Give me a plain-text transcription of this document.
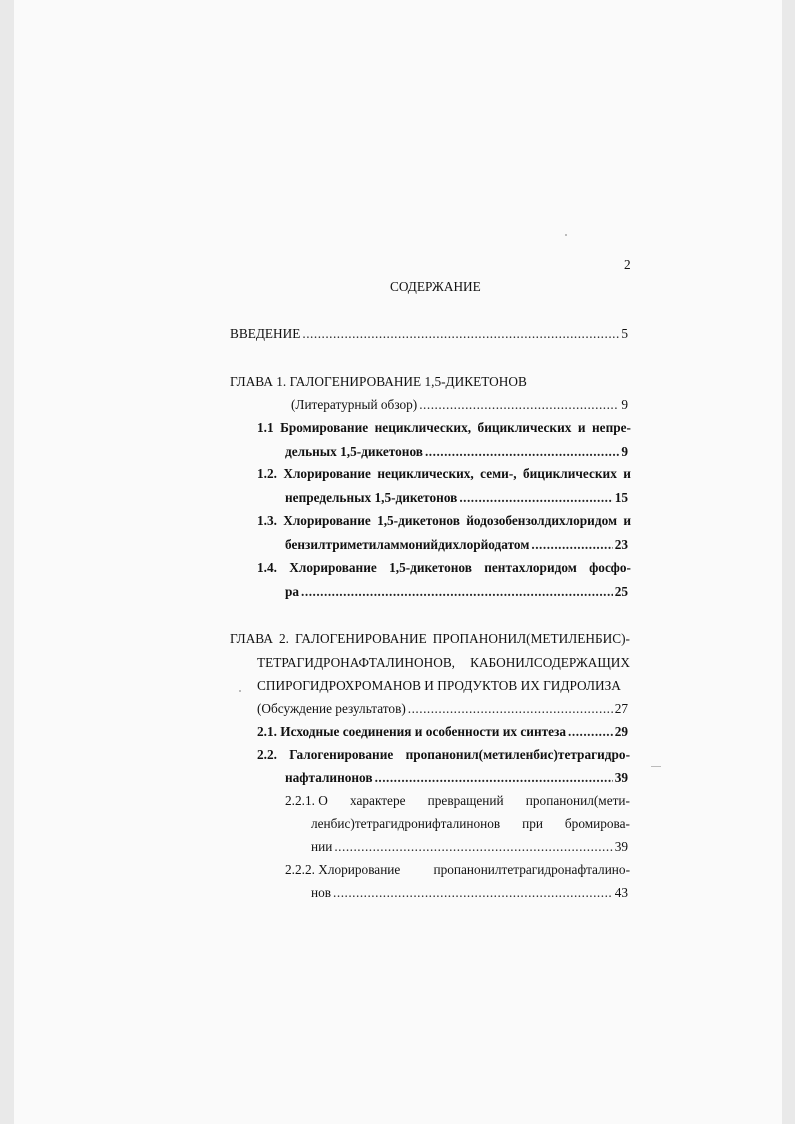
2
СОДЕРЖАНИЕ
ВВЕДЕНИЕ .....	5
ГЛАВА 1. ГАЛОГЕНИРОВАНИЕ 1,5-ДИКЕТОНОВ
(Литературный обзор) .....	9
1.1 Бромирование нециклических, бициклических и непре-
дельных 1,5-дикетонов .....	9
1.2. Хлорирование нециклических, семи-, бициклических и
непредельных 1,5-дикетонов .....	15
1.3. Хлорирование 1,5-дикетонов йодозобензолдихлоридом и
бензилтриметиламмонийдихлорйодатом .....	23
1.4. Хлорирование 1,5-дикетонов пентахлоридом фосфо-
ра .....	25
ГЛАВА 2. ГАЛОГЕНИРОВАНИЕ ПРОПАНОНИЛ(МЕТИЛЕНБИС)-
ТЕТРАГИДРОНАФТАЛИНОНОВ, КАБОНИЛСОДЕРЖАЩИХ
СПИРОГИДРОХРОМАНОВ И ПРОДУКТОВ ИХ ГИДРОЛИЗА
(Обсуждение результатов) .....	27
2.1. Исходные соединения и особенности их синтеза .....	29
2.2. Галогенирование пропанонил(метиленбис)тетрагидро-
нафталинонов .....	39
2.2.1. О характере превращений пропанонил(мети-
ленбис)тетрагидронифталинонов при бромирова-
нии .....	39
2.2.2. Хлорирование пропанонилтетрагидронафталино-
нов .....	43
